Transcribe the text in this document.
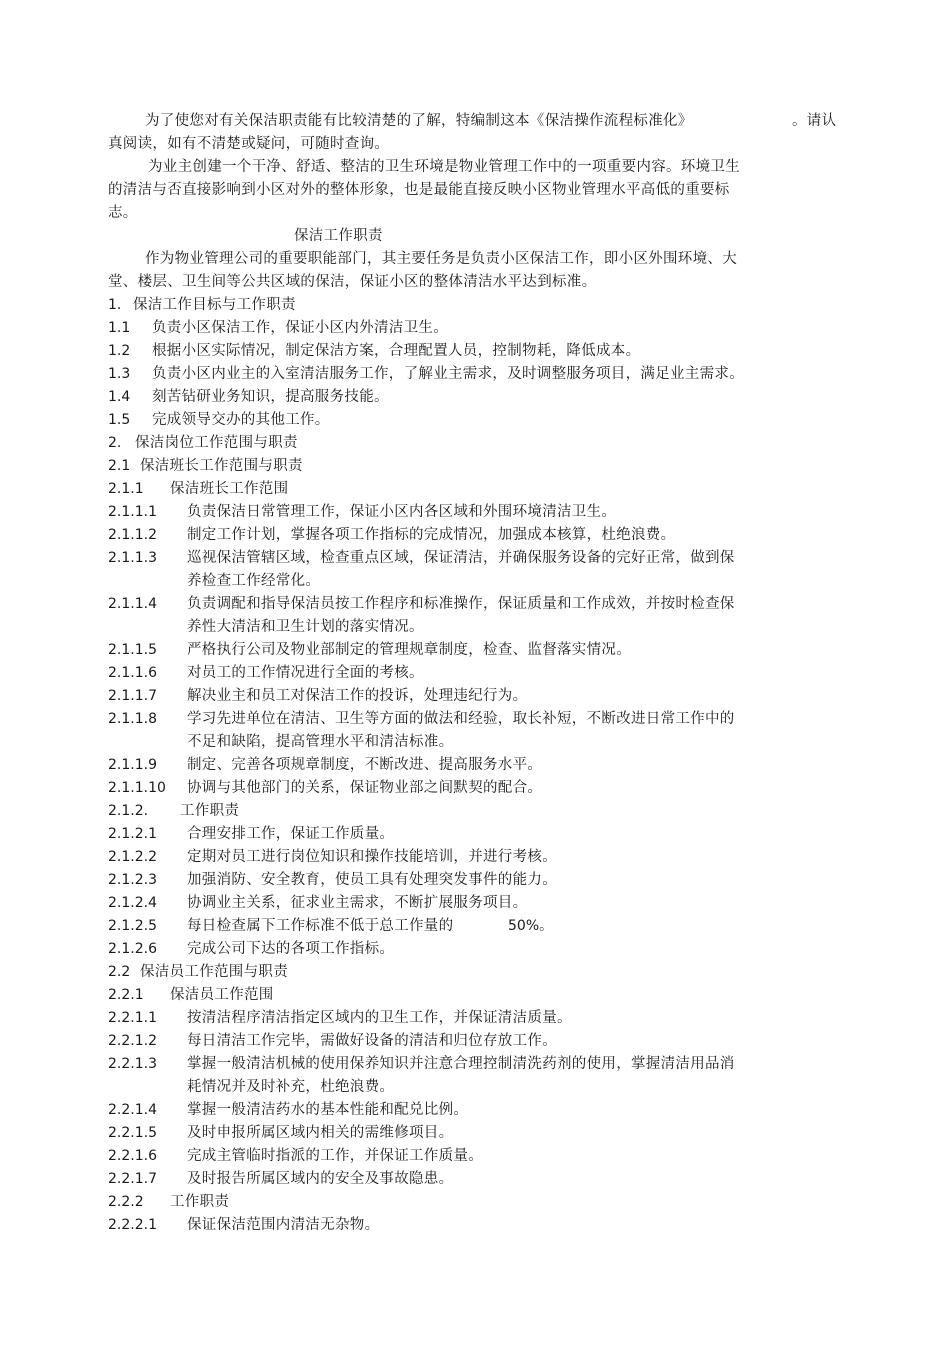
为了使您对有关保洁职责能有比较清楚的了解，特编制这本《保洁操作流程标准化》	。请认
真阅读，如有不清楚或疑问，可随时查询。
为业主创建一个干净、舒适、整洁的卫生环境是物业管理工作中的一项重要内容。环境卫生
的清洁与否直接影响到小区对外的整体形象，也是最能直接反映小区物业管理水平高低的重要标
志。
保洁工作职责
作为物业管理公司的重要职能部门，其主要任务是负责小区保洁工作，即小区外围环境、大
堂、楼层、卫生间等公共区域的保洁，保证小区的整体清洁水平达到标准。
1． 保洁工作目标与工作职责
1.1 负责小区保洁工作，保证小区内外清洁卫生。
1.2 根据小区实际情况，制定保洁方案，合理配置人员，控制物耗，降低成本。
1.3 负责小区内业主的入室清洁服务工作，了解业主需求，及时调整服务项目，满足业主需求。
1.4 刻苦钻研业务知识，提高服务技能。
1.5 完成领导交办的其他工作。
2. 保洁岗位工作范围与职责
2.1 保洁班长工作范围与职责
2.1.1 保洁班长工作范围
2.1.1.1 负责保洁日常管理工作，保证小区内各区域和外围环境清洁卫生。
2.1.1.2 制定工作计划，掌握各项工作指标的完成情况，加强成本核算，杜绝浪费。
2.1.1.3 巡视保洁管辖区域，检查重点区域，保证清洁，并确保服务设备的完好正常，做到保
养检查工作经常化。
2.1.1.4 负责调配和指导保洁员按工作程序和标准操作，保证质量和工作成效，并按时检查保
养性大清洁和卫生计划的落实情况。
2.1.1.5 严格执行公司及物业部制定的管理规章制度，检查、监督落实情况。
2.1.1.6 对员工的工作情况进行全面的考核。
2.1.1.7 解决业主和员工对保洁工作的投诉，处理违纪行为。
2.1.1.8 学习先进单位在清洁、卫生等方面的做法和经验，取长补短，不断改进日常工作中的
不足和缺陷，提高管理水平和清洁标准。
2.1.1.9 制定、完善各项规章制度，不断改进、提高服务水平。
2.1.1.10 协调与其他部门的关系，保证物业部之间默契的配合。
2.1.2. 工作职责
2.1.2.1 合理安排工作，保证工作质量。
2.1.2.2 定期对员工进行岗位知识和操作技能培训，并进行考核。
2.1.2.3 加强消防、安全教育，使员工具有处理突发事件的能力。
2.1.2.4 协调业主关系，征求业主需求，不断扩展服务项目。
2.1.2.5 每日检查属下工作标准不低于总工作量的	50%。
2.1.2.6 完成公司下达的各项工作指标。
2.2 保洁员工作范围与职责
2.2.1 保洁员工作范围
2.2.1.1 按清洁程序清洁指定区域内的卫生工作，并保证清洁质量。
2.2.1.2 每日清洁工作完毕，需做好设备的清洁和归位存放工作。
2.2.1.3 掌握一般清洁机械的使用保养知识并注意合理控制清洗药剂的使用，掌握清洁用品消
耗情况并及时补充，杜绝浪费。
2.2.1.4 掌握一般清洁药水的基本性能和配兑比例。
2.2.1.5 及时申报所属区域内相关的需维修项目。
2.2.1.6 完成主管临时指派的工作，并保证工作质量。
2.2.1.7 及时报告所属区域内的安全及事故隐患。
2.2.2 工作职责
2.2.2.1 保证保洁范围内清洁无杂物。
